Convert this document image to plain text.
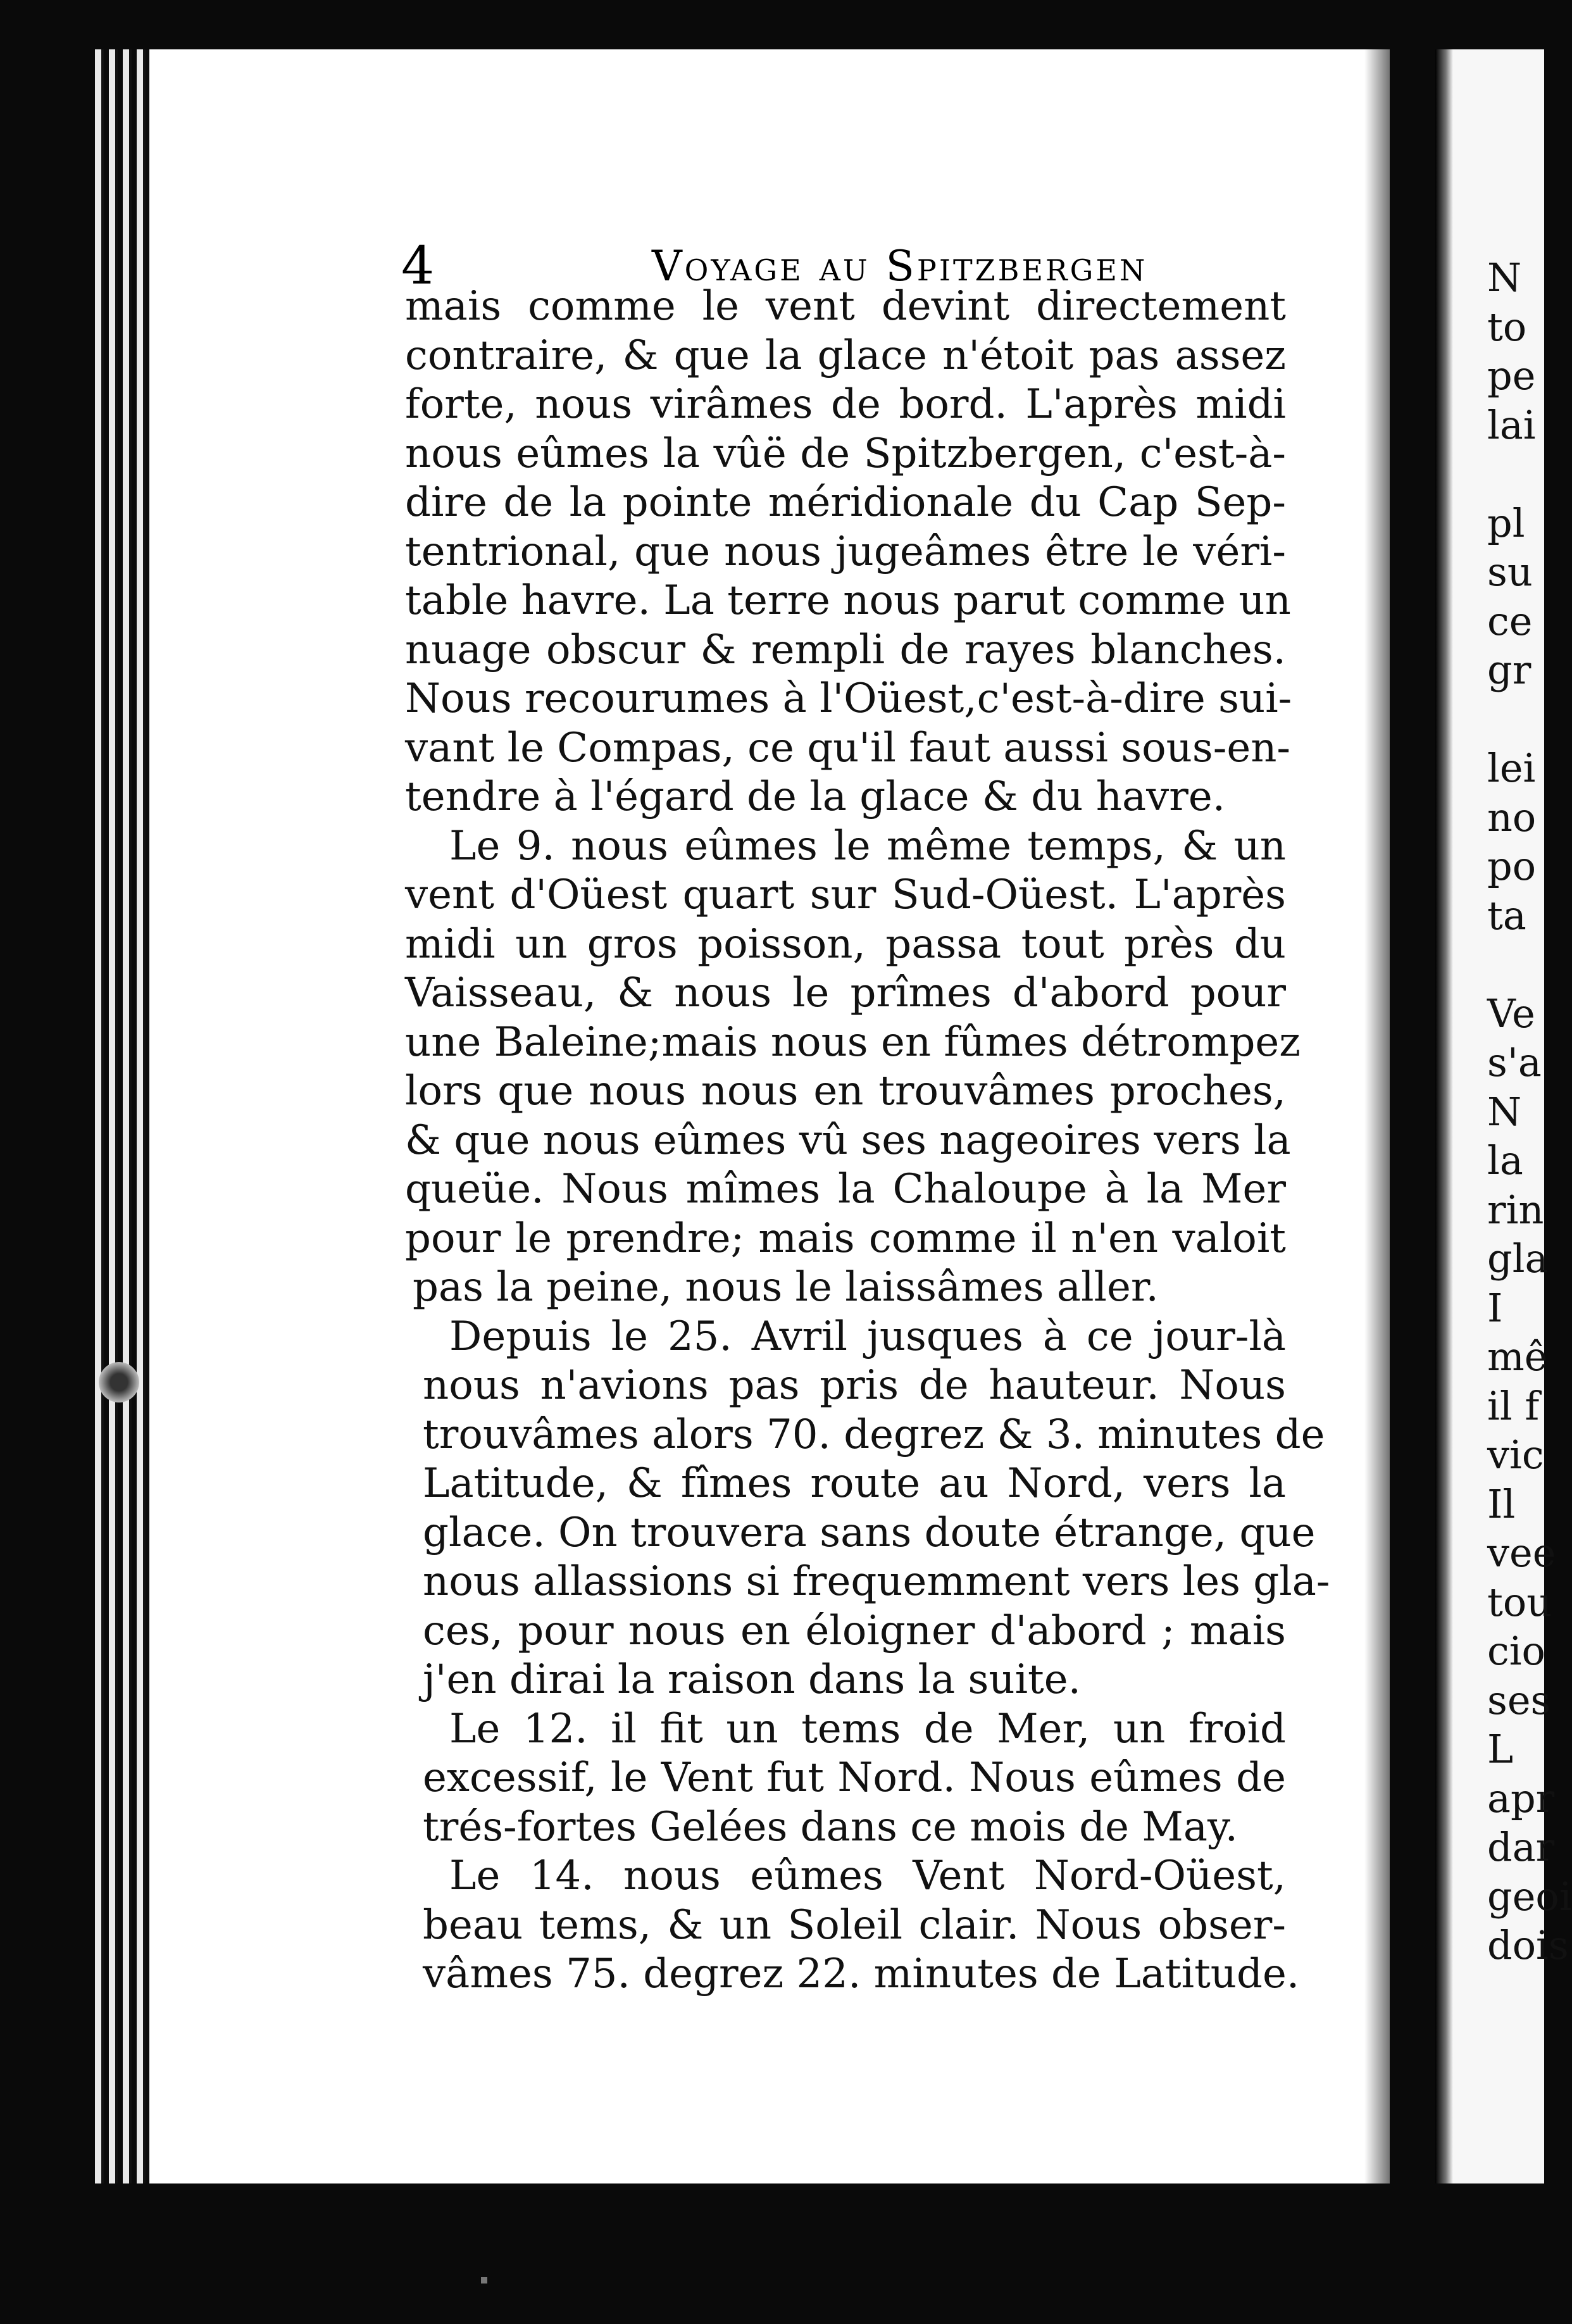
4	Voyage au Spitzbergen
mais comme le vent devint directement
contraire, & que la glace n'étoit pas assez
forte, nous virâmes de bord. L'après midi
nous eûmes la vûë de Spitzbergen, c'est-à-
dire de la pointe méridionale du Cap Sep-
tentrional, que nous jugeâmes être le véri-
table havre. La terre nous parut comme un
nuage obscur & rempli de rayes blanches.
Nous recourumes à l'Oüest,c'est-à-dire sui-
vant le Compas, ce qu'il faut aussi sous-en-
tendre à l'égard de la glace & du havre.
Le 9. nous eûmes le même temps, & un
vent d'Oüest quart sur Sud-Oüest. L'après
midi un gros poisson, passa tout près du
Vaisseau, & nous le prîmes d'abord pour
une Baleine;mais nous en fûmes détrompez
lors que nous nous en trouvâmes proches,
& que nous eûmes vû ses nageoires vers la
queüe. Nous mîmes la Chaloupe à la Mer
pour le prendre; mais comme il n'en valoit
pas la peine, nous le laissâmes aller.
Depuis le 25. Avril jusques à ce jour-là
nous n'avions pas pris de hauteur. Nous
trouvâmes alors 70. degrez & 3. minutes de
Latitude, & fîmes route au Nord, vers la
glace. On trouvera sans doute étrange, que
nous allassions si frequemment vers les gla-
ces, pour nous en éloigner d'abord ; mais
j'en dirai la raison dans la suite.
Le 12. il fit un tems de Mer, un froid
excessif, le Vent fut Nord. Nous eûmes de
trés-fortes Gelées dans ce mois de May.
Le 14. nous eûmes Vent Nord-Oüest,
beau tems, & un Soleil clair. Nous obser-
vâmes 75. degrez 22. minutes de Latitude.
N
to
pe
lai
pl
su
ce
gr
lei
no
po
ta
Ve
s'a
N
la
rin
gla
I
mê
il f
vic
Il
vee
tou
cio
ses
L
apr
dar
geoi
dois
